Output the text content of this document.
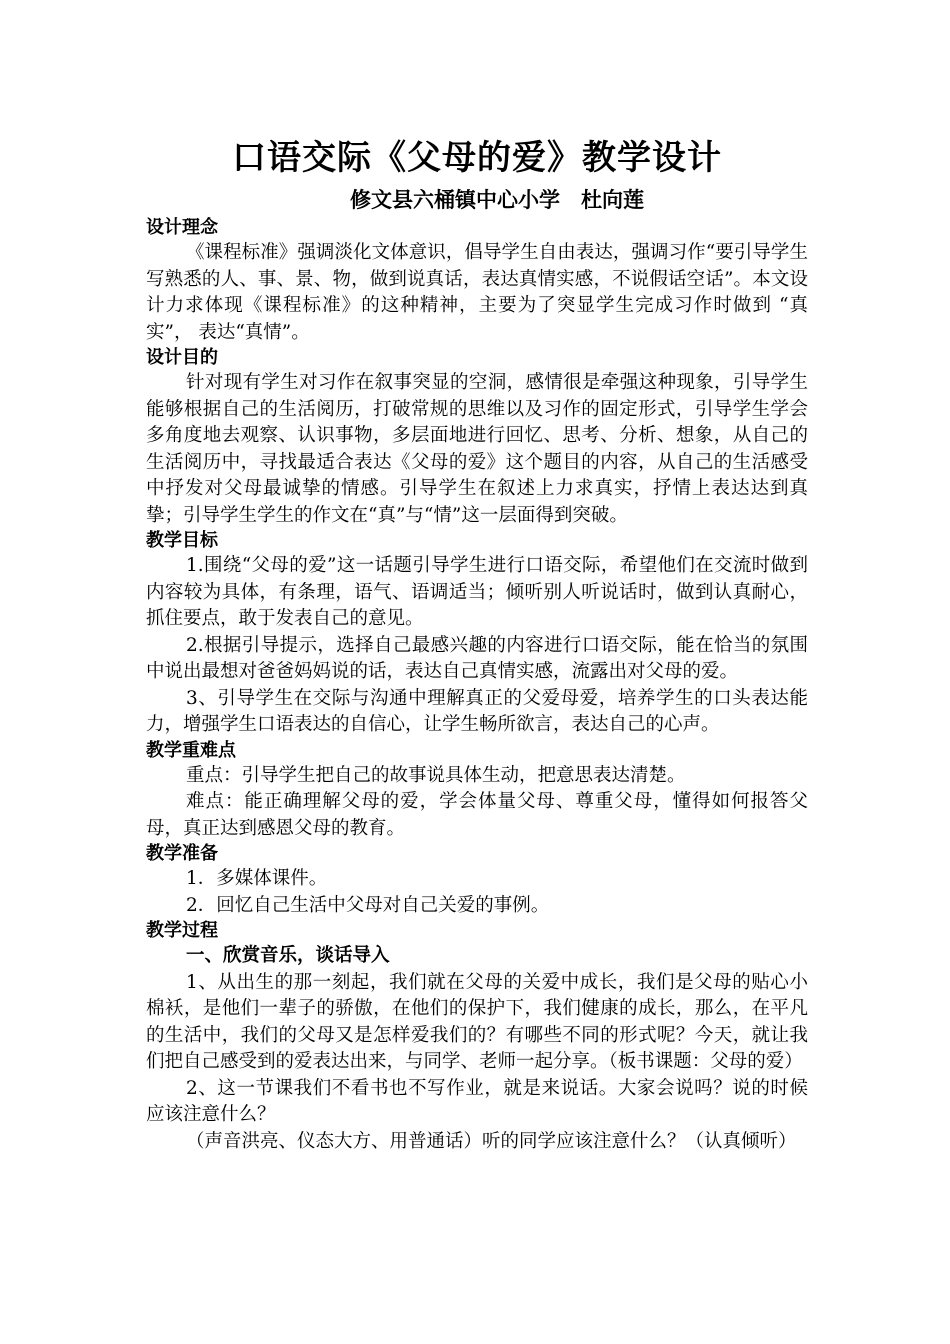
口语交际《父母的爱》教学设计
修文县六桶镇中心小学　杜向莲
设计理念

《课程标准》强调淡化文体意识，倡导学生自由表达，强调习作“要引导学生写熟悉的人、事、景、物，做到说真话，表达真情实感，不说假话空话”。本文设计力求体现《课程标准》的这种精神，主要为了突显学生完成习作时做到 “真实”， 表达“真情”。

设计目的

针对现有学生对习作在叙事突显的空洞，感情很是牵强这种现象，引导学生能够根据自己的生活阅历，打破常规的思维以及习作的固定形式，引导学生学会多角度地去观察、认识事物，多层面地进行回忆、思考、分析、想象，从自己的生活阅历中，寻找最适合表达《父母的爱》这个题目的内容，从自己的生活感受中抒发对父母最诚挚的情感。引导学生在叙述上力求真实，抒情上表达达到真挚；引导学生学生的作文在“真”与“情”这一层面得到突破。

教学目标

1.围绕“父母的爱”这一话题引导学生进行口语交际，希望他们在交流时做到内容较为具体，有条理，语气、语调适当；倾听别人听说话时，做到认真耐心，抓住要点，敢于发表自己的意见。

2.根据引导提示，选择自己最感兴趣的内容进行口语交际，能在恰当的氛围中说出最想对爸爸妈妈说的话，表达自己真情实感，流露出对父母的爱。

3、引导学生在交际与沟通中理解真正的父爱母爱，培养学生的口头表达能力，增强学生口语表达的自信心，让学生畅所欲言，表达自己的心声。

教学重难点

重点：引导学生把自己的故事说具体生动，把意思表达清楚。

难点：能正确理解父母的爱，学会体量父母、尊重父母，懂得如何报答父母，真正达到感恩父母的教育。

教学准备

1．多媒体课件。

2．回忆自己生活中父母对自己关爱的事例。

教学过程
一、欣赏音乐，谈话导入

1、从出生的那一刻起，我们就在父母的关爱中成长，我们是父母的贴心小棉袄，是他们一辈子的骄傲，在他们的保护下，我们健康的成长，那么，在平凡的生活中，我们的父母又是怎样爱我们的？有哪些不同的形式呢？今天，就让我们把自己感受到的爱表达出来，与同学、老师一起分享。（板书课题：父母的爱）

2、这一节课我们不看书也不写作业，就是来说话。大家会说吗？说的时候应该注意什么？

（声音洪亮、仪态大方、用普通话）听的同学应该注意什么？（认真倾听）
